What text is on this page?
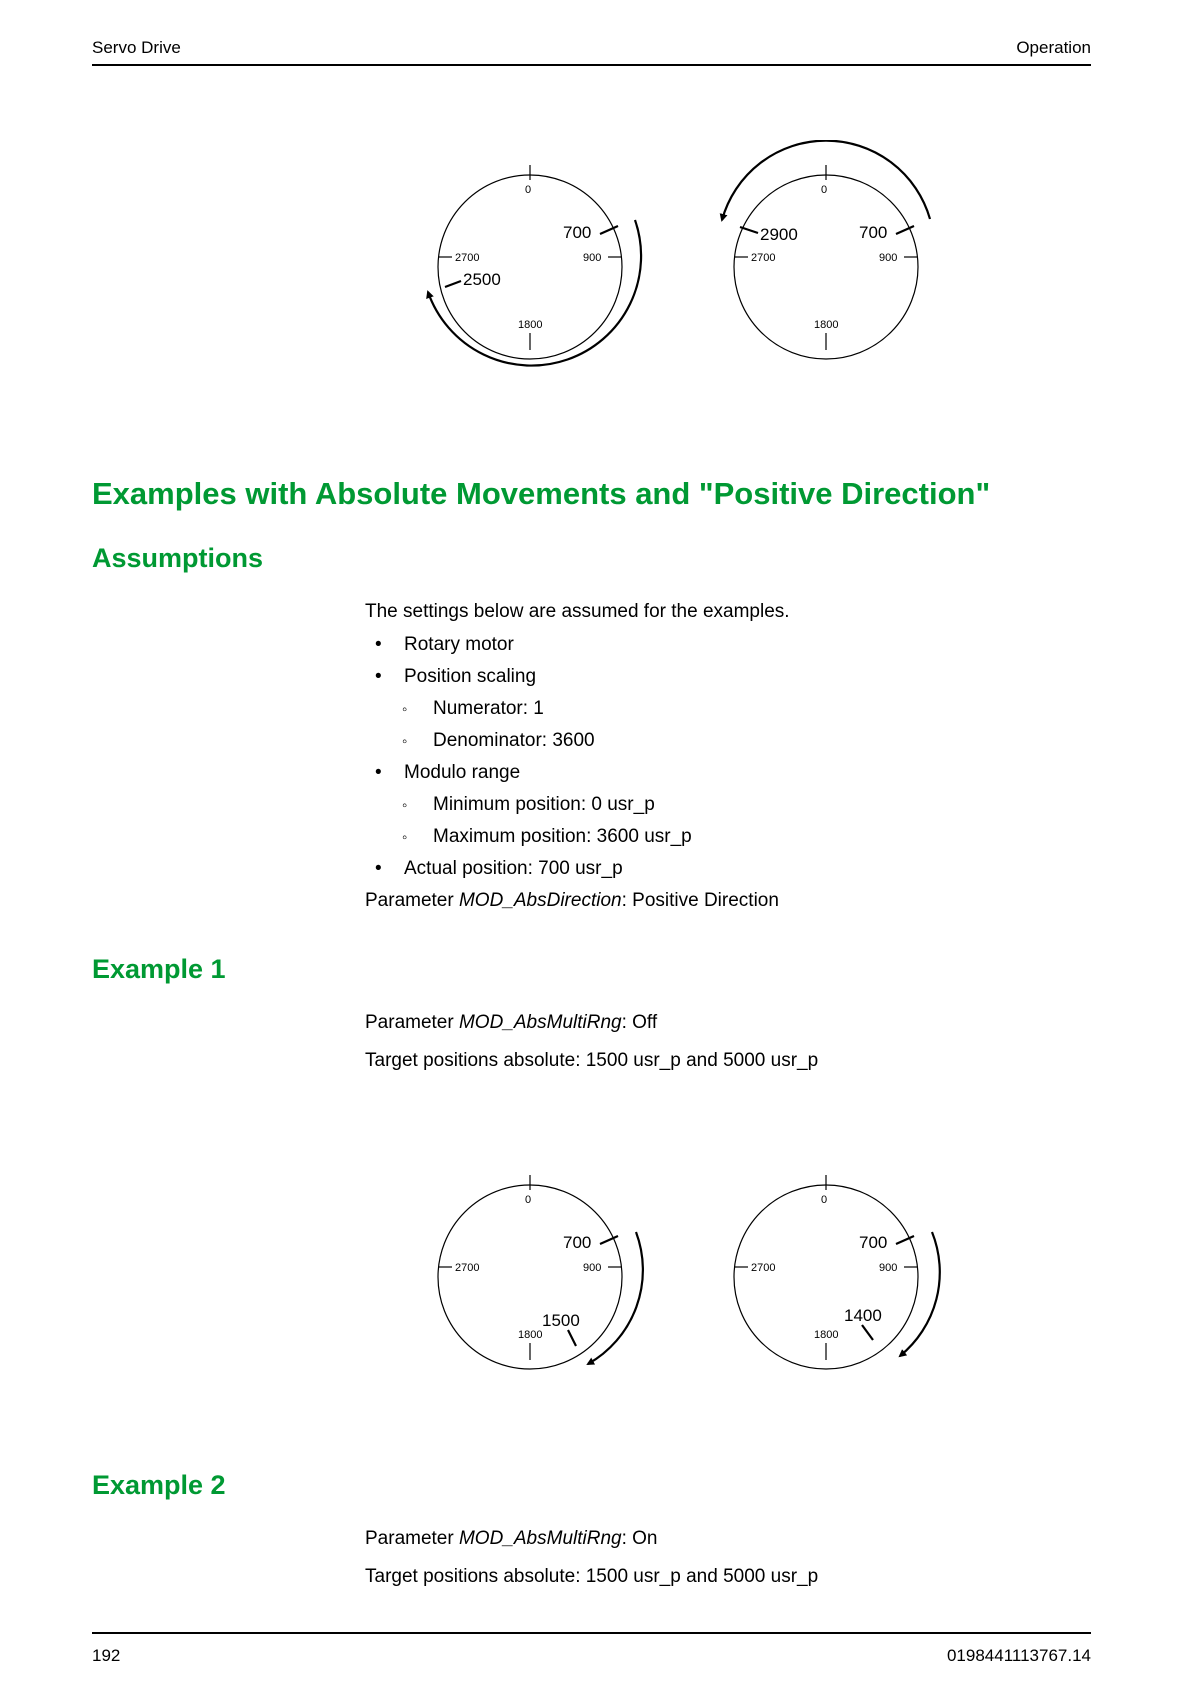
Servo Drive	Operation
0
900
1800
2700
700
2500
0
900
1800
2700
700
2900
Examples with Absolute Movements and "Positive Direction"
Assumptions

The settings below are assumed for the examples.

• Rotary motor
• Position scaling
◦ Numerator: 1
◦ Denominator: 3600
• Modulo range
◦ Minimum position: 0 usr_p
◦ Maximum position: 3600 usr_p
• Actual position: 700 usr_p

Parameter MOD_AbsDirection: Positive Direction

Example 1

Parameter MOD_AbsMultiRng: Off

Target positions absolute: 1500 usr_p and 5000 usr_p

0
900
1800
2700
700
1500
0
900
1800
2700
700
1400
Example 2

Parameter MOD_AbsMultiRng: On

Target positions absolute: 1500 usr_p and 5000 usr_p

192	0198441113767.14
